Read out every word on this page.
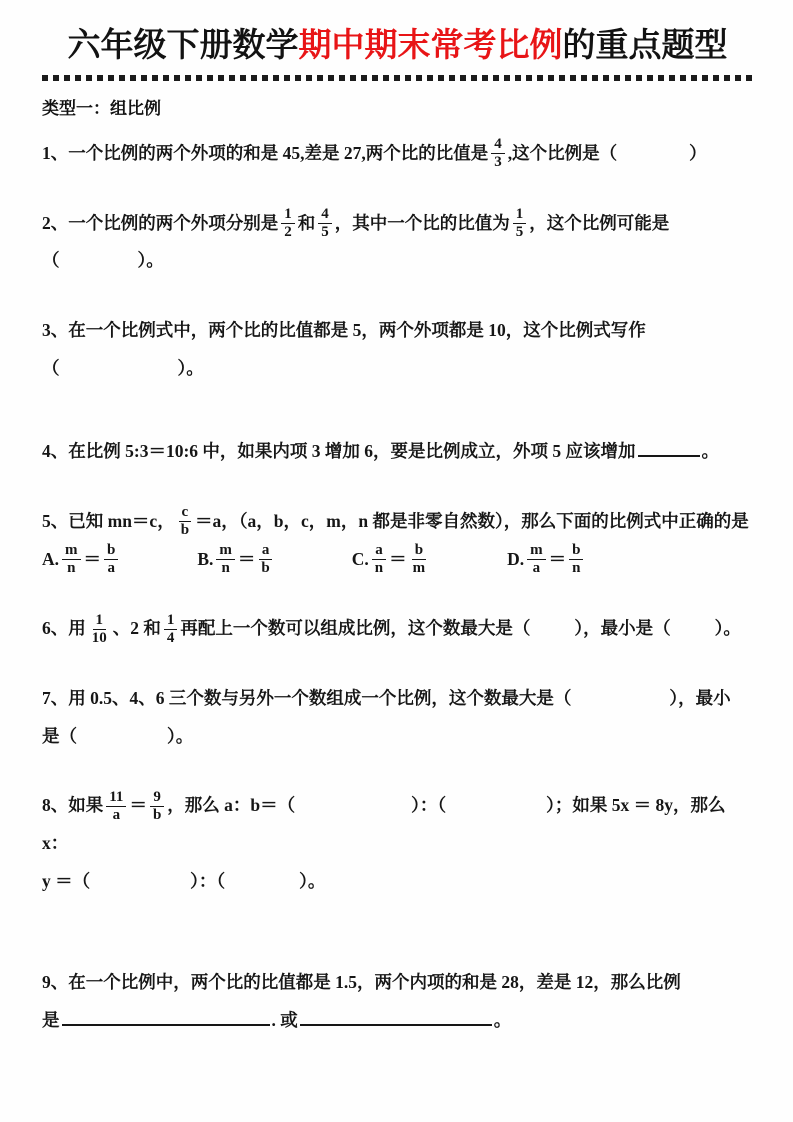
六年级下册数学期中期末常考比例的重点题型
类型一：组比例
1、一个比例的两个外项的和是 45,差是 27,两个比的比值是 $\frac{4}{3}$ ,这个比例是（	）
2、一个比例的两个外项分别是 $\frac{1}{2}$ 和 $\frac{4}{5}$ ，其中一个比的比值为 $\frac{1}{5}$ ，这个比例可能是
（	）。
3、在一个比例式中，两个比的比值都是 5，两个外项都是 10，这个比例式写作
（	）。
4、在比例 5:3＝10:6 中，如果内项 3 增加 6，要是比例成立，外项 5 应该增加	。
5、已知 mn＝c， $\frac{c}{b} =a$，（a，b，c，m，n 都是非零自然数），那么下面的比例式中正确的是
A. $\frac{m}{n} = \frac{b}{a}$	B. $\frac{m}{n} = \frac{a}{b}$	C. $\frac{a}{n} = \frac{b}{m}$	D. $\frac{m}{a} = \frac{b}{n}$
6、用 $\frac{1}{10}$ 、2 和 $\frac{1}{4}$ 再配上一个数可以组成比例，这个数最大是（	），最小是（	）。
7、用 0.5、4、6 三个数与另外一个数组成一个比例，这个数最大是（	），最小
是（	）。
8、如果 $\frac{11}{a} = \frac{9}{b}$ ，那么 a：b＝（	）：（	）；如果 5x ＝ 8y，那么 x：
y ＝（	）：（	）。
9、在一个比例中，两个比的比值都是 1.5，两个内项的和是 28，差是 12，那么比例
是	. 或	。
